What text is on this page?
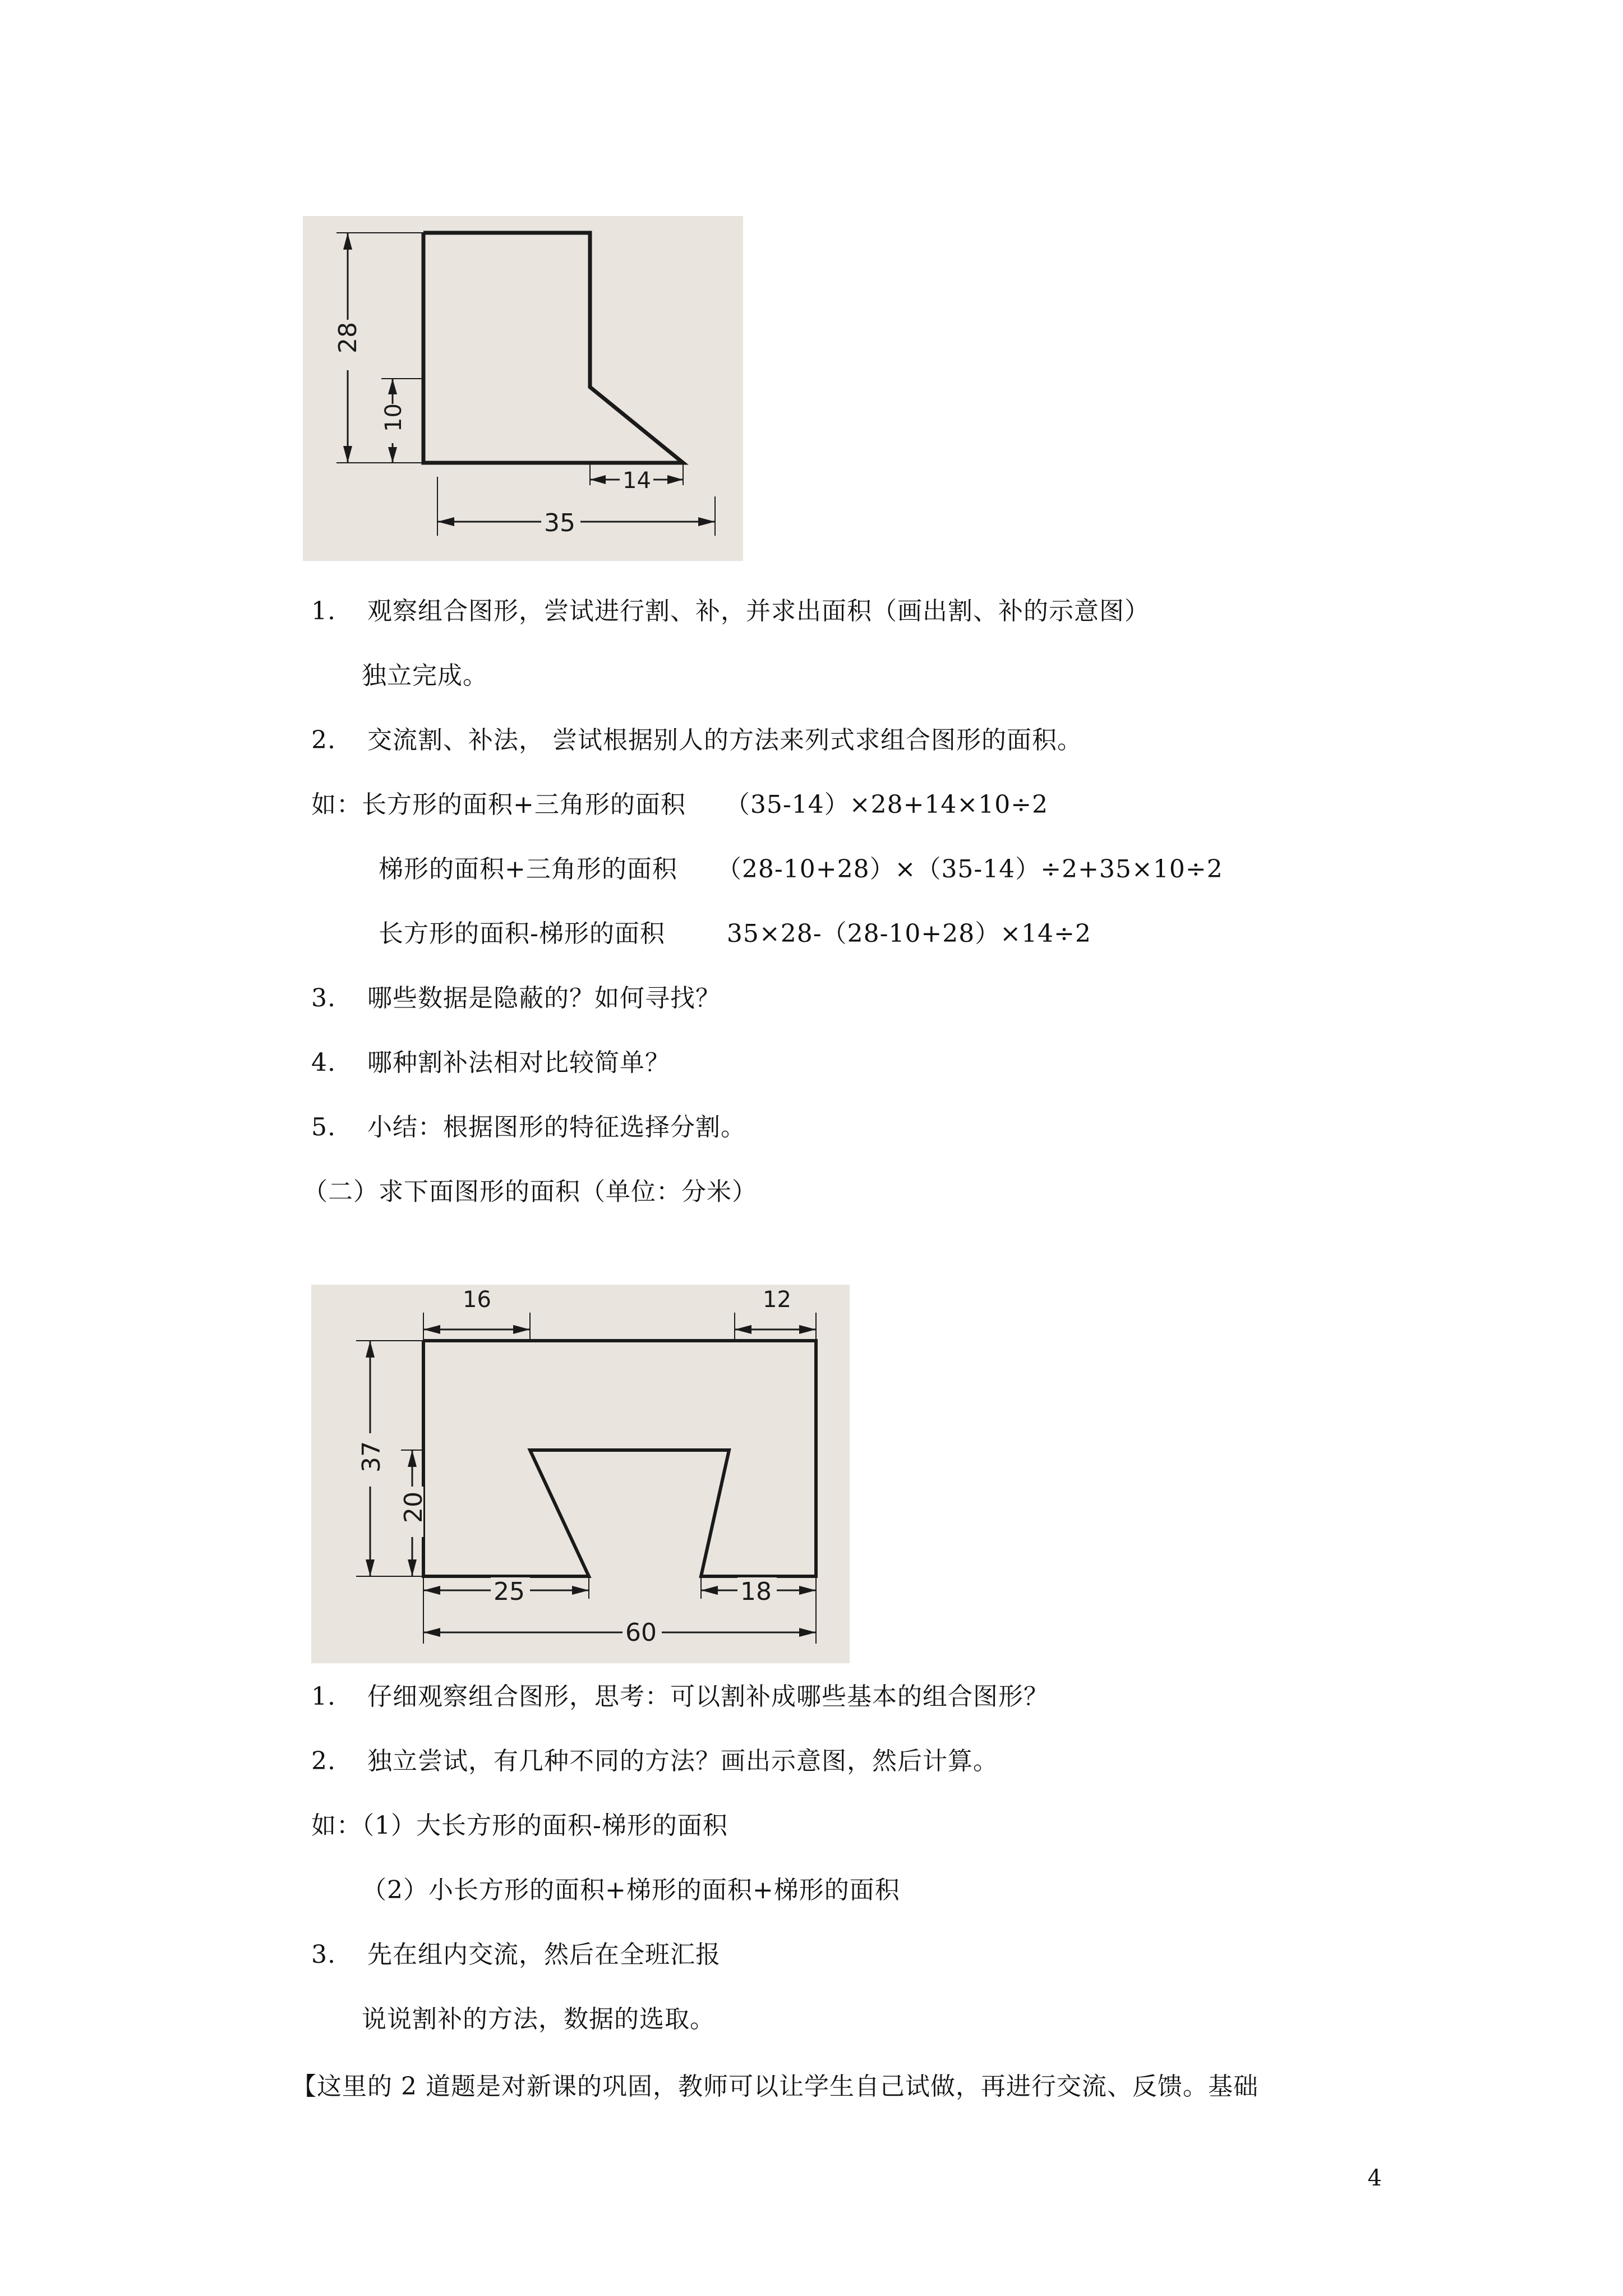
28
10
14
35
1. 观察组合图形，尝试进行割、补，并求出面积（画出割、补的示意图）
独立完成。
2. 交流割、补法， 尝试根据别人的方法来列式求组合图形的面积。
如：长方形的面积+三角形的面积 （35-14）×28+14×10÷2
梯形的面积+三角形的面积 （28-10+28）×（35-14）÷2+35×10÷2
长方形的面积-梯形的面积	35×28-（28-10+28）×14÷2
3. 哪些数据是隐蔽的？如何寻找？
4. 哪种割补法相对比较简单？
5. 小结：根据图形的特征选择分割。
（二）求下面图形的面积（单位：分米）
16	12
37
20
25	18
60
1. 仔细观察组合图形，思考：可以割补成哪些基本的组合图形？
2. 独立尝试，有几种不同的方法？画出示意图，然后计算。
如：（1）大长方形的面积-梯形的面积
（2）小长方形的面积+梯形的面积+梯形的面积
3. 先在组内交流，然后在全班汇报
说说割补的方法，数据的选取。
【这里的 2 道题是对新课的巩固，教师可以让学生自己试做，再进行交流、反馈。基础
4
